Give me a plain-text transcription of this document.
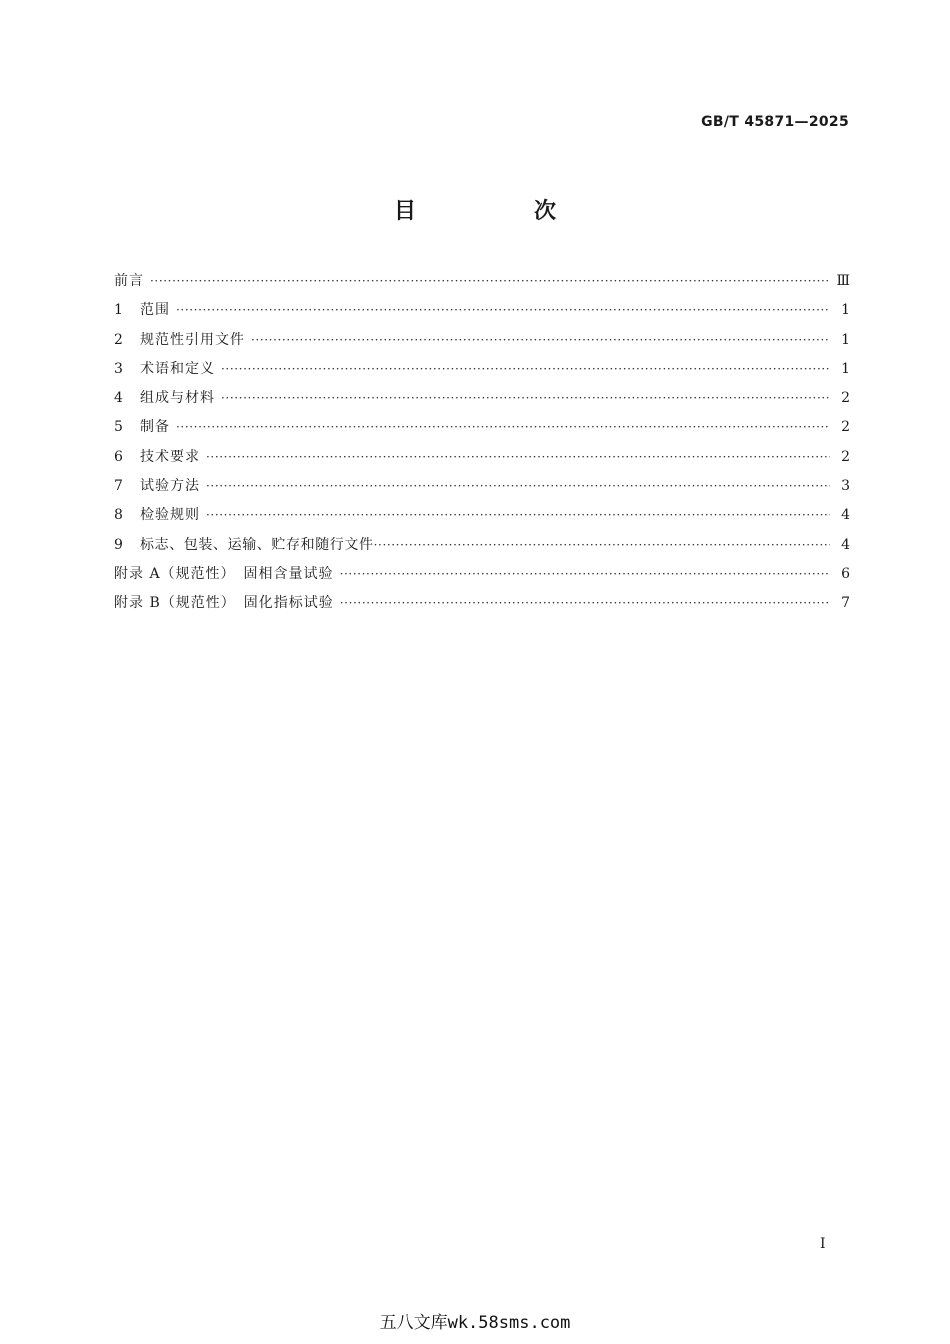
GB/T 45871—2025
目　次
前言 ·····	Ⅲ
1	范围 ·····	1
2	规范性引用文件 ·····	1
3	术语和定义 ·····	1
4	组成与材料 ·····	2
5	制备 ·····	2
6	技术要求 ·····	2
7	试验方法 ·····	3
8	检验规则 ·····	4
9	标志、包装、运输、贮存和随行文件 ·····	4
附录 A（规范性）　固相含量试验 ·····	6
附录 B（规范性）　固化指标试验 ·····	7
Ⅰ
五八文库wk.58sms.com
